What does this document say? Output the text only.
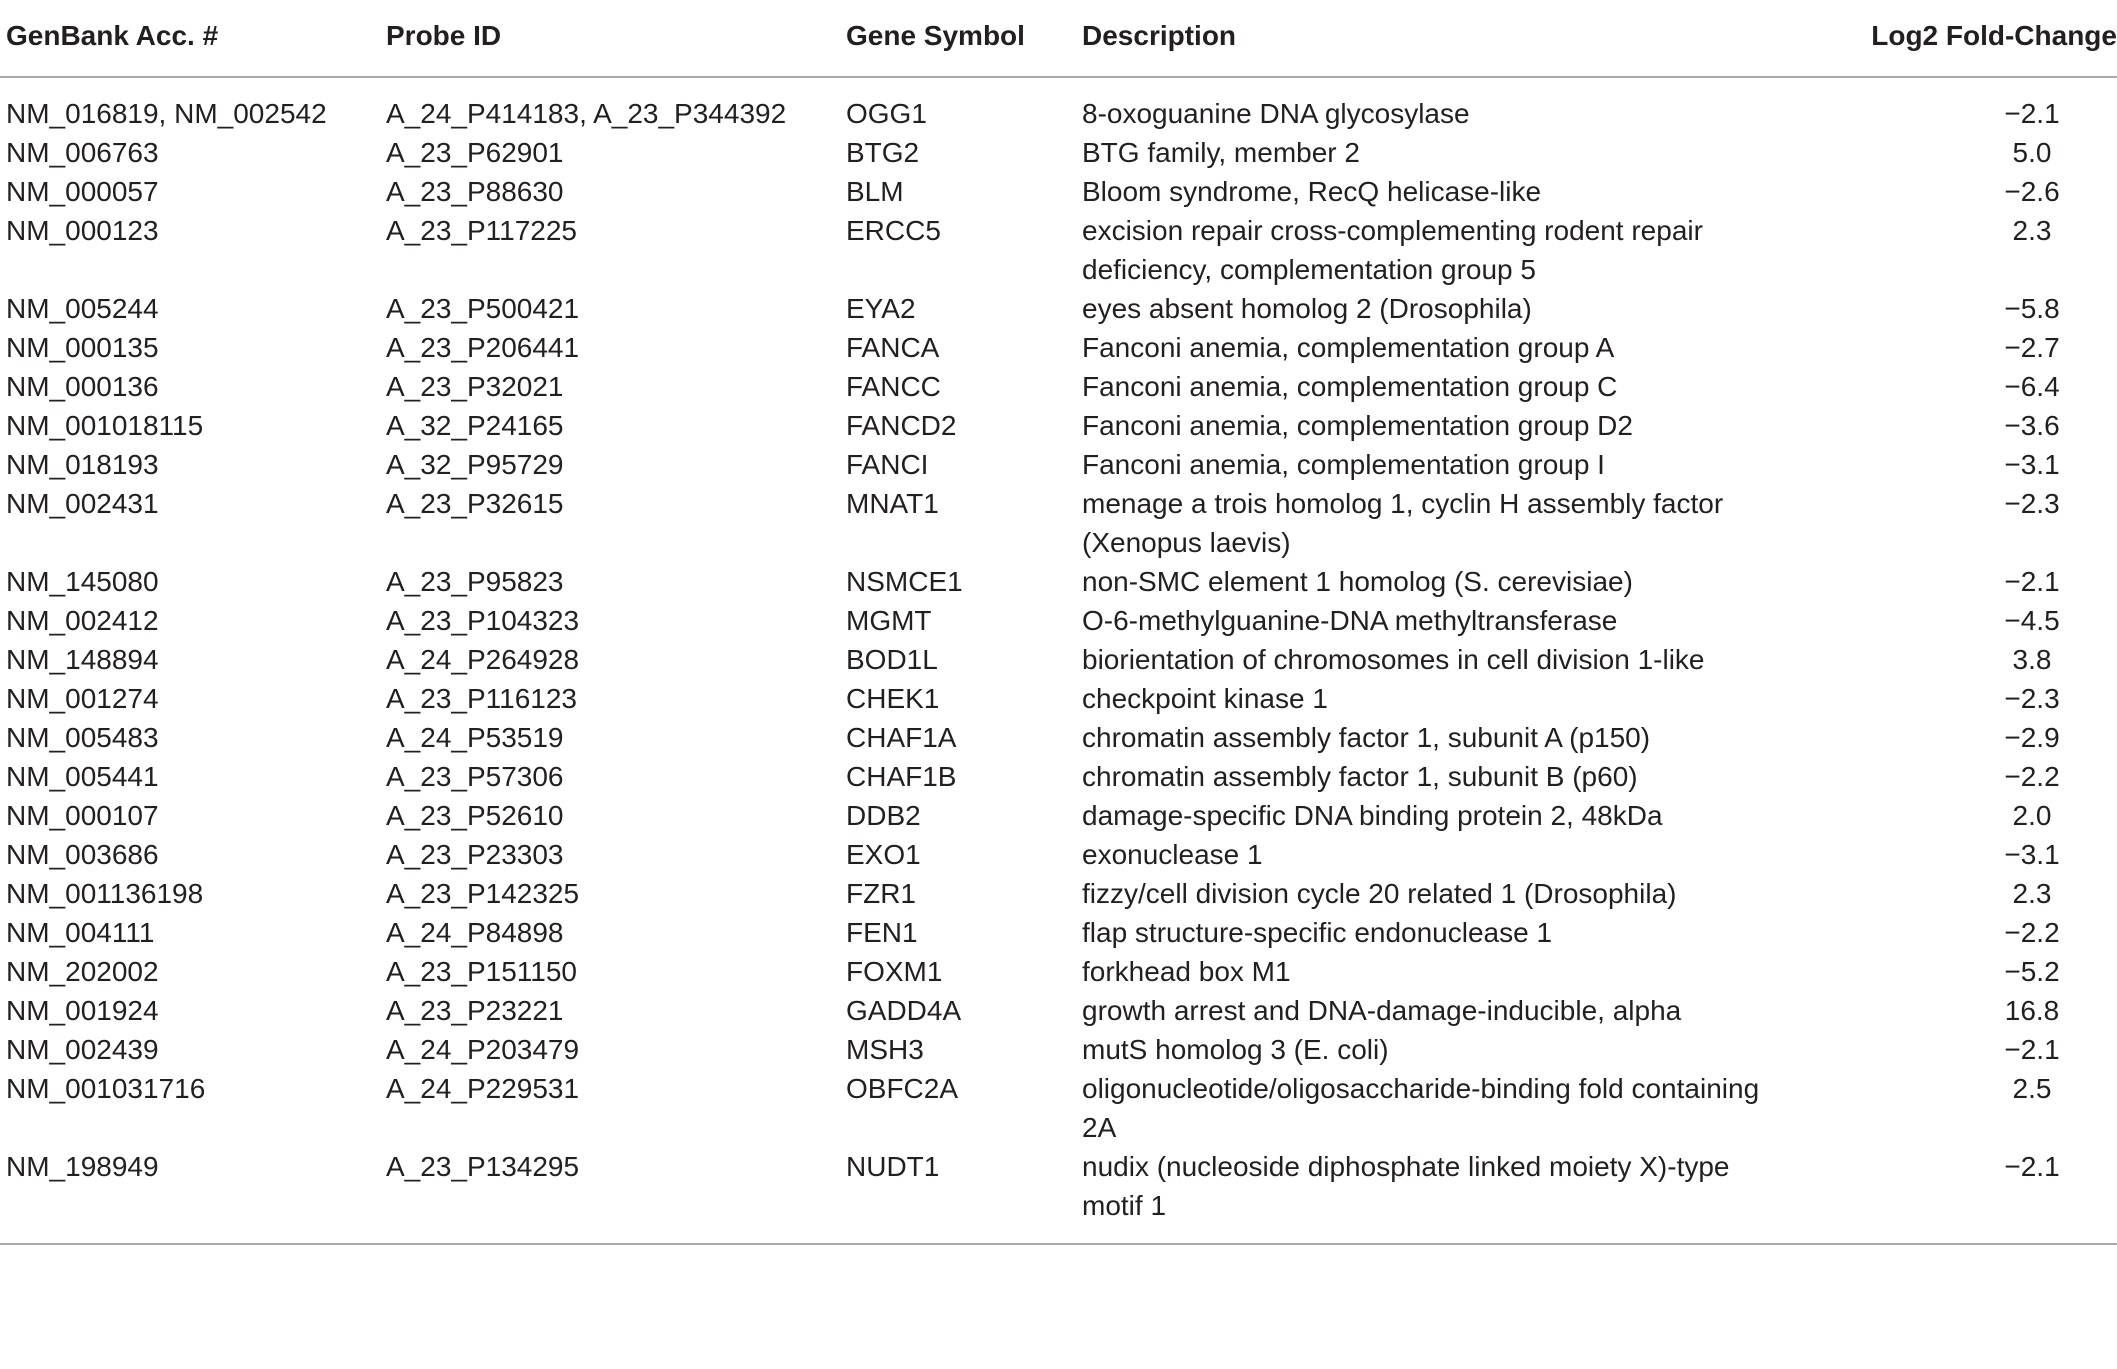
GenBank Acc. #	Probe ID	Gene Symbol	Description	Log2 Fold-Change
NM_016819, NM_002542	A_24_P414183, A_23_P344392	OGG1	8-oxoguanine DNA glycosylase	−2.1
NM_006763	A_23_P62901	BTG2	BTG family, member 2	5.0
NM_000057	A_23_P88630	BLM	Bloom syndrome, RecQ helicase-like	−2.6
NM_000123	A_23_P117225	ERCC5	excision repair cross-complementing rodent repair deficiency, complementation group 5	2.3
NM_005244	A_23_P500421	EYA2	eyes absent homolog 2 (Drosophila)	−5.8
NM_000135	A_23_P206441	FANCA	Fanconi anemia, complementation group A	−2.7
NM_000136	A_23_P32021	FANCC	Fanconi anemia, complementation group C	−6.4
NM_001018115	A_32_P24165	FANCD2	Fanconi anemia, complementation group D2	−3.6
NM_018193	A_32_P95729	FANCI	Fanconi anemia, complementation group I	−3.1
NM_002431	A_23_P32615	MNAT1	menage a trois homolog 1, cyclin H assembly factor (Xenopus laevis)	−2.3
NM_145080	A_23_P95823	NSMCE1	non-SMC element 1 homolog (S. cerevisiae)	−2.1
NM_002412	A_23_P104323	MGMT	O-6-methylguanine-DNA methyltransferase	−4.5
NM_148894	A_24_P264928	BOD1L	biorientation of chromosomes in cell division 1-like	3.8
NM_001274	A_23_P116123	CHEK1	checkpoint kinase 1	−2.3
NM_005483	A_24_P53519	CHAF1A	chromatin assembly factor 1, subunit A (p150)	−2.9
NM_005441	A_23_P57306	CHAF1B	chromatin assembly factor 1, subunit B (p60)	−2.2
NM_000107	A_23_P52610	DDB2	damage-specific DNA binding protein 2, 48kDa	2.0
NM_003686	A_23_P23303	EXO1	exonuclease 1	−3.1
NM_001136198	A_23_P142325	FZR1	fizzy/cell division cycle 20 related 1 (Drosophila)	2.3
NM_004111	A_24_P84898	FEN1	flap structure-specific endonuclease 1	−2.2
NM_202002	A_23_P151150	FOXM1	forkhead box M1	−5.2
NM_001924	A_23_P23221	GADD4A	growth arrest and DNA-damage-inducible, alpha	16.8
NM_002439	A_24_P203479	MSH3	mutS homolog 3 (E. coli)	−2.1
NM_001031716	A_24_P229531	OBFC2A	oligonucleotide/oligosaccharide-binding fold containing 2A	2.5
NM_198949	A_23_P134295	NUDT1	nudix (nucleoside diphosphate linked moiety X)-type motif 1	−2.1
